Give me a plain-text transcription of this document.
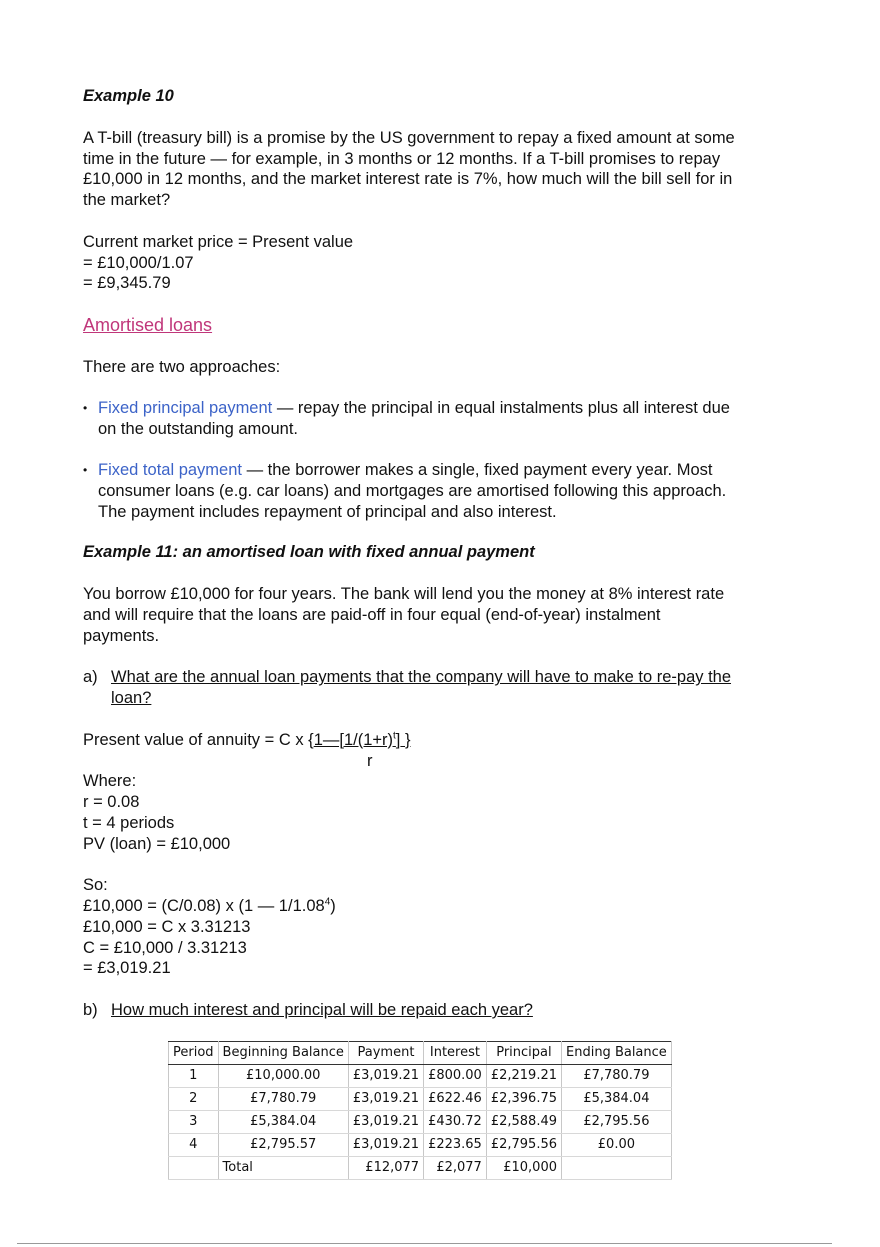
Example 10

A T-bill (treasury bill) is a promise by the US government to repay a fixed amount at some

time in the future — for example, in 3 months or 12 months. If a T-bill promises to repay

£10,000 in 12 months, and the market interest rate is 7%, how much will the bill sell for in

the market?

Current market price = Present value

= £10,000/1.07

= £9,345.79

Amortised loans

There are two approaches:

• Fixed principal payment — repay the principal in equal instalments plus all interest due

on the outstanding amount.

• Fixed total payment — the borrower makes a single, fixed payment every year. Most

consumer loans (e.g. car loans) and mortgages are amortised following this approach.

The payment includes repayment of principal and also interest.

Example 11: an amortised loan with fixed annual payment

You borrow £10,000 for four years. The bank will lend you the money at 8% interest rate

and will require that the loans are paid-off in four equal (end-of-year) instalment

payments.

a) What are the annual loan payments that the company will have to make to re-pay the

loan?

Present value of annuity = C x {$1—[1/(1+r)^t]$ }

r

Where:

r = 0.08

t = 4 periods

PV (loan) = £10,000

So:

£10,000 = (C/0.08) x (1 — 1/1.08$^4$)

£10,000 = C x 3.31213

C = £10,000 / 3.31213

= £3,019.21

b) How much interest and principal will be repaid each year?

Period	Beginning Balance	Payment	Interest	Principal	Ending Balance
1	£10,000.00	£3,019.21	£800.00	£2,219.21	£7,780.79
2	£7,780.79	£3,019.21	£622.46	£2,396.75	£5,384.04
3	£5,384.04	£3,019.21	£430.72	£2,588.49	£2,795.56
4	£2,795.57	£3,019.21	£223.65	£2,795.56	£0.00
	Total	£12,077	£2,077	£10,000	
